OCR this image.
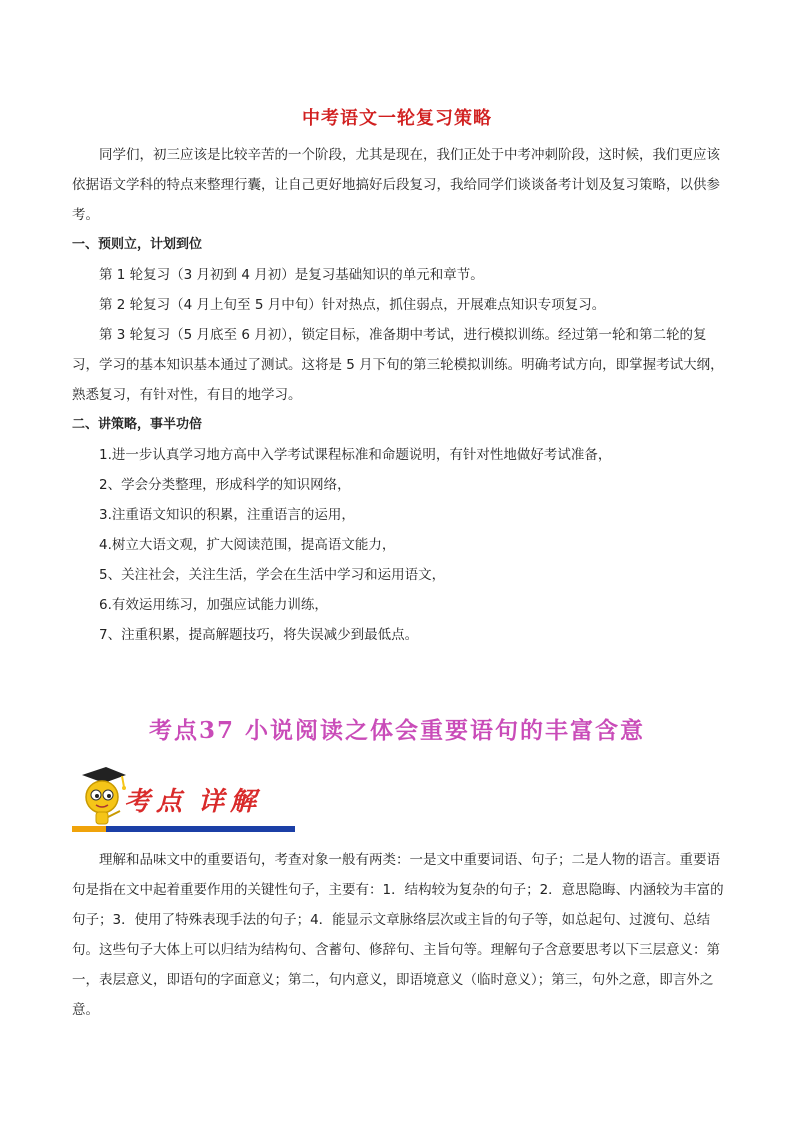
中考语文一轮复习策略

同学们，初三应该是比较辛苦的一个阶段，尤其是现在，我们正处于中考冲刺阶段，这时候，我们更应该依据语文学科的特点来整理行囊，让自己更好地搞好后段复习，我给同学们谈谈备考计划及复习策略，以供参考。

一、预则立，计划到位

第 1 轮复习（3 月初到 4 月初）是复习基础知识的单元和章节。

第 2 轮复习（4 月上旬至 5 月中旬）针对热点，抓住弱点，开展难点知识专项复习。

第 3 轮复习（5 月底至 6 月初），锁定目标，准备期中考试，进行模拟训练。经过第一轮和第二轮的复习，学习的基本知识基本通过了测试。这将是 5 月下旬的第三轮模拟训练。明确考试方向，即掌握考试大纲，熟悉复习，有针对性，有目的地学习。

二、讲策略，事半功倍

1.进一步认真学习地方高中入学考试课程标准和命题说明，有针对性地做好考试准备，

2、学会分类整理，形成科学的知识网络，

3.注重语文知识的积累，注重语言的运用，

4.树立大语文观，扩大阅读范围，提高语文能力，

5、关注社会，关注生活，学会在生活中学习和运用语文，

6.有效运用练习，加强应试能力训练，

7、注重积累，提高解题技巧，将失误减少到最低点。

考点37 小说阅读之体会重要语句的丰富含意
考点 详解

理解和品味文中的重要语句，考查对象一般有两类：一是文中重要词语、句子；二是人物的语言。重要语句是指在文中起着重要作用的关键性句子，主要有：1．结构较为复杂的句子；2．意思隐晦、内涵较为丰富的句子；3．使用了特殊表现手法的句子；4．能显示文章脉络层次或主旨的句子等，如总起句、过渡句、总结句。这些句子大体上可以归结为结构句、含蓄句、修辞句、主旨句等。理解句子含意要思考以下三层意义：第一，表层意义，即语句的字面意义；第二，句内意义，即语境意义（临时意义）；第三，句外之意，即言外之意。
